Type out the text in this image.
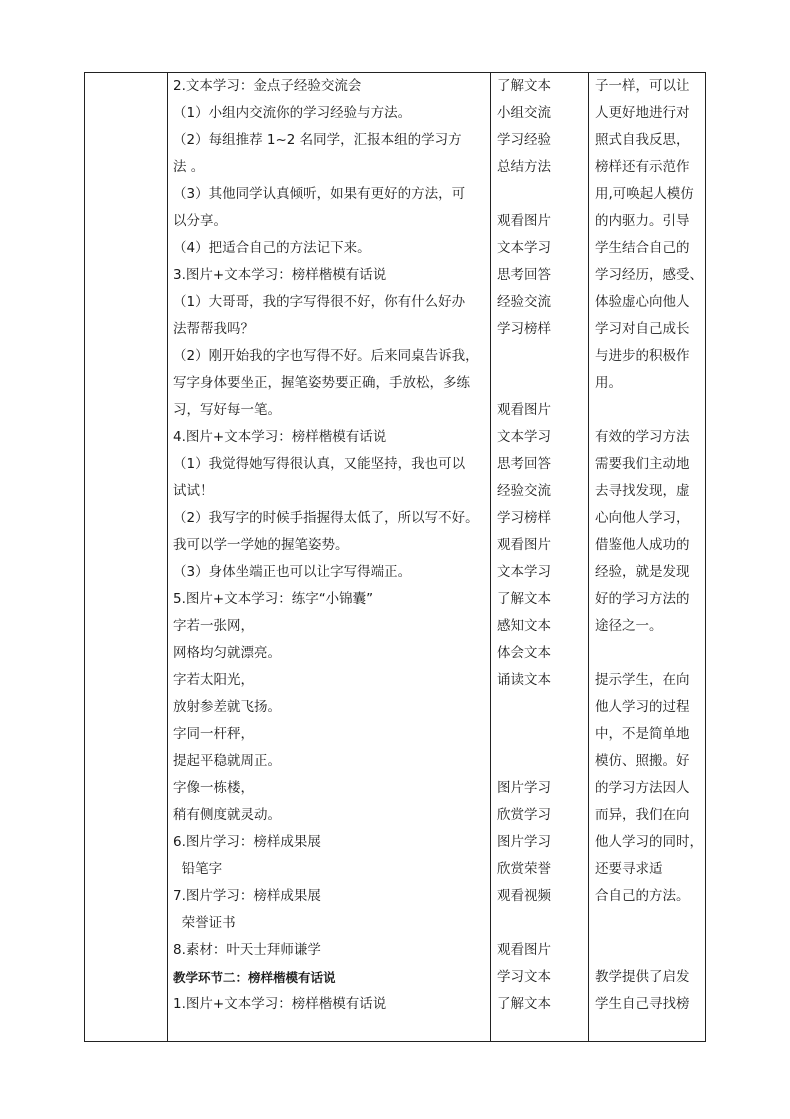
2.文本学习：金点子经验交流会
（1）小组内交流你的学习经验与方法。
（2）每组推荐 1~2 名同学，汇报本组的学习方
法 。
（3）其他同学认真倾听，如果有更好的方法，可
以分享。
（4）把适合自己的方法记下来。
3.图片+文本学习：榜样楷模有话说
（1）大哥哥，我的字写得很不好，你有什么好办
法帮帮我吗？
（2）刚开始我的字也写得不好。后来同桌告诉我，
写字身体要坐正，握笔姿势要正确，手放松，多练
习，写好每一笔。
4.图片+文本学习：榜样楷模有话说
（1）我觉得她写得很认真，又能坚持，我也可以
试试！
（2）我写字的时候手指握得太低了，所以写不好。
我可以学一学她的握笔姿势。
（3）身体坐端正也可以让字写得端正。
5.图片+文本学习：练字“小锦囊”
字若一张网，
网格均匀就漂亮。
字若太阳光，
放射参差就飞扬。
字同一杆秤，
提起平稳就周正。
字像一栋楼，
稍有侧度就灵动。
6.图片学习：榜样成果展
铅笔字
7.图片学习：榜样成果展
荣誉证书
8.素材：叶天士拜师谦学
教学环节二：榜样楷模有话说
1.图片+文本学习：榜样楷模有话说
了解文本
小组交流
学习经验
总结方法
观看图片
文本学习
思考回答
经验交流
学习榜样
观看图片
文本学习
思考回答
经验交流
学习榜样
观看图片
文本学习
了解文本
感知文本
体会文本
诵读文本
图片学习
欣赏学习
图片学习
欣赏荣誉
观看视频
观看图片
学习文本
了解文本
子一样，可以让
人更好地进行对
照式自我反思，
榜样还有示范作
用,可唤起人模仿
的内驱力。引导
学生结合自己的
学习经历，感受、
体验虚心向他人
学习对自己成长
与进步的积极作
用。
有效的学习方法
需要我们主动地
去寻找发现，虚
心向他人学习，
借鉴他人成功的
经验，就是发现
好的学习方法的
途径之一。
提示学生，在向
他人学习的过程
中，不是简单地
模仿、照搬。好
的学习方法因人
而异，我们在向
他人学习的同时，
还要寻求适
合自己的方法。
教学提供了启发
学生自己寻找榜
